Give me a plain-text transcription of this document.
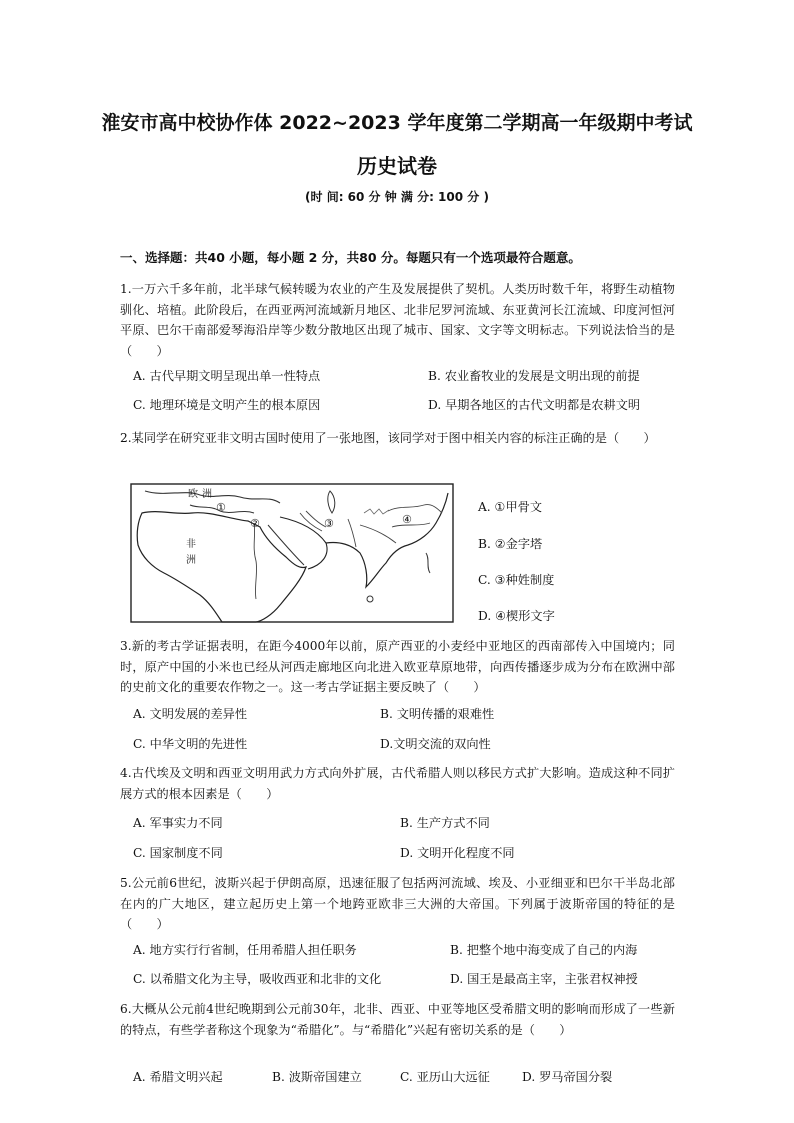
淮安市高中校协作体 2022~2023 学年度第二学期高一年级期中考试
历史试卷
(时 间: 60 分 钟 满 分: 100 分 )
一、选择题：共40 小题，每小题 2 分，共80 分。每题只有一个选项最符合题意。
1.一万六千多年前，北半球气候转暖为农业的产生及发展提供了契机。人类历时数千年，将野生动植物驯化、培植。此阶段后，在西亚两河流域新月地区、北非尼罗河流域、东亚黄河长江流域、印度河恒河平原、巴尔干南部爱琴海沿岸等少数分散地区出现了城市、国家、文字等文明标志。下列说法恰当的是（　　）
A. 古代早期文明呈现出单一性特点	B. 农业畜牧业的发展是文明出现的前提
C. 地理环境是文明产生的根本原因	D. 早期各地区的古代文明都是农耕文明
2.某同学在研究亚非文明古国时使用了一张地图，该同学对于图中相关内容的标注正确的是（　　）
欧 洲
非
洲
①
②	③	④
A. ①甲骨文
B. ②金字塔
C. ③种姓制度
D. ④楔形文字
3.新的考古学证据表明，在距今4000年以前，原产西亚的小麦经中亚地区的西南部传入中国境内；同时，原产中国的小米也已经从河西走廊地区向北进入欧亚草原地带，向西传播逐步成为分布在欧洲中部的史前文化的重要农作物之一。这一考古学证据主要反映了（　　）
A. 文明发展的差异性	B. 文明传播的艰难性
C. 中华文明的先进性	D.文明交流的双向性
4.古代埃及文明和西亚文明用武力方式向外扩展，古代希腊人则以移民方式扩大影响。造成这种不同扩展方式的根本因素是（　　）
A. 军事实力不同	B. 生产方式不同
C. 国家制度不同	D. 文明开化程度不同
5.公元前6世纪，波斯兴起于伊朗高原，迅速征服了包括两河流域、埃及、小亚细亚和巴尔干半岛北部在内的广大地区，建立起历史上第一个地跨亚欧非三大洲的大帝国。下列属于波斯帝国的特征的是（　　）
A. 地方实行行省制，任用希腊人担任职务	B. 把整个地中海变成了自己的内海
C. 以希腊文化为主导，吸收西亚和北非的文化	D. 国王是最高主宰，主张君权神授
6.大概从公元前4世纪晚期到公元前30年，北非、西亚、中亚等地区受希腊文明的影响而形成了一些新的特点，有些学者称这个现象为“希腊化”。与“希腊化”兴起有密切关系的是（　　）
A. 希腊文明兴起	B. 波斯帝国建立	C. 亚历山大远征	D. 罗马帝国分裂
